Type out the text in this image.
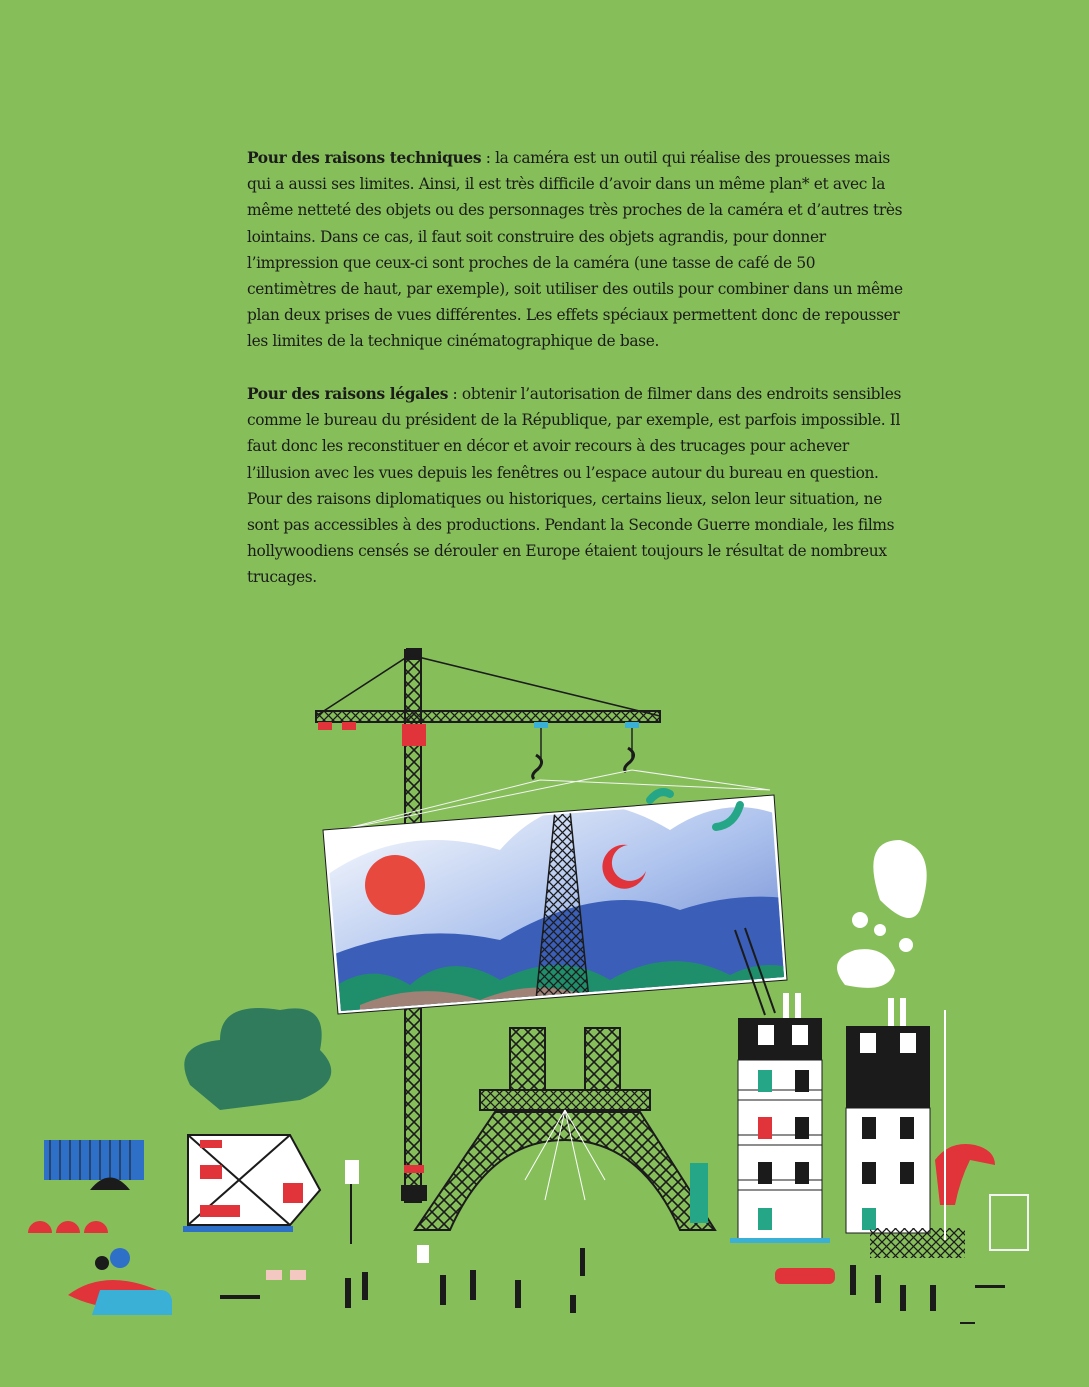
Pour des raisons techniques : la caméra est un outil qui réalise des prouesses mais qui a aussi ses limites. Ainsi, il est très difficile d’avoir dans un même plan* et avec la même netteté des objets ou des personnages très proches de la caméra et d’autres très lointains. Dans ce cas, il faut soit construire des objets agrandis, pour donner l’impression que ceux-ci sont proches de la caméra (une tasse de café de 50 centimètres de haut, par exemple), soit utiliser des outils pour combiner dans un même plan deux prises de vues différentes. Les effets spéciaux permettent donc de repousser les limites de la technique cinématographique de base.

Pour des raisons légales : obtenir l’autorisation de filmer dans des endroits sensibles comme le bureau du président de la République, par exemple, est parfois impossible. Il faut donc les reconstituer en décor et avoir recours à des trucages pour achever l’illusion avec les vues depuis les fenêtres ou l’espace autour du bureau en question. Pour des raisons diplomatiques ou historiques, certains lieux, selon leur situation, ne sont pas accessibles à des productions. Pendant la Seconde Guerre mondiale, les films hollywoodiens censés se dérouler en Europe étaient toujours le résultat de nombreux trucages.
